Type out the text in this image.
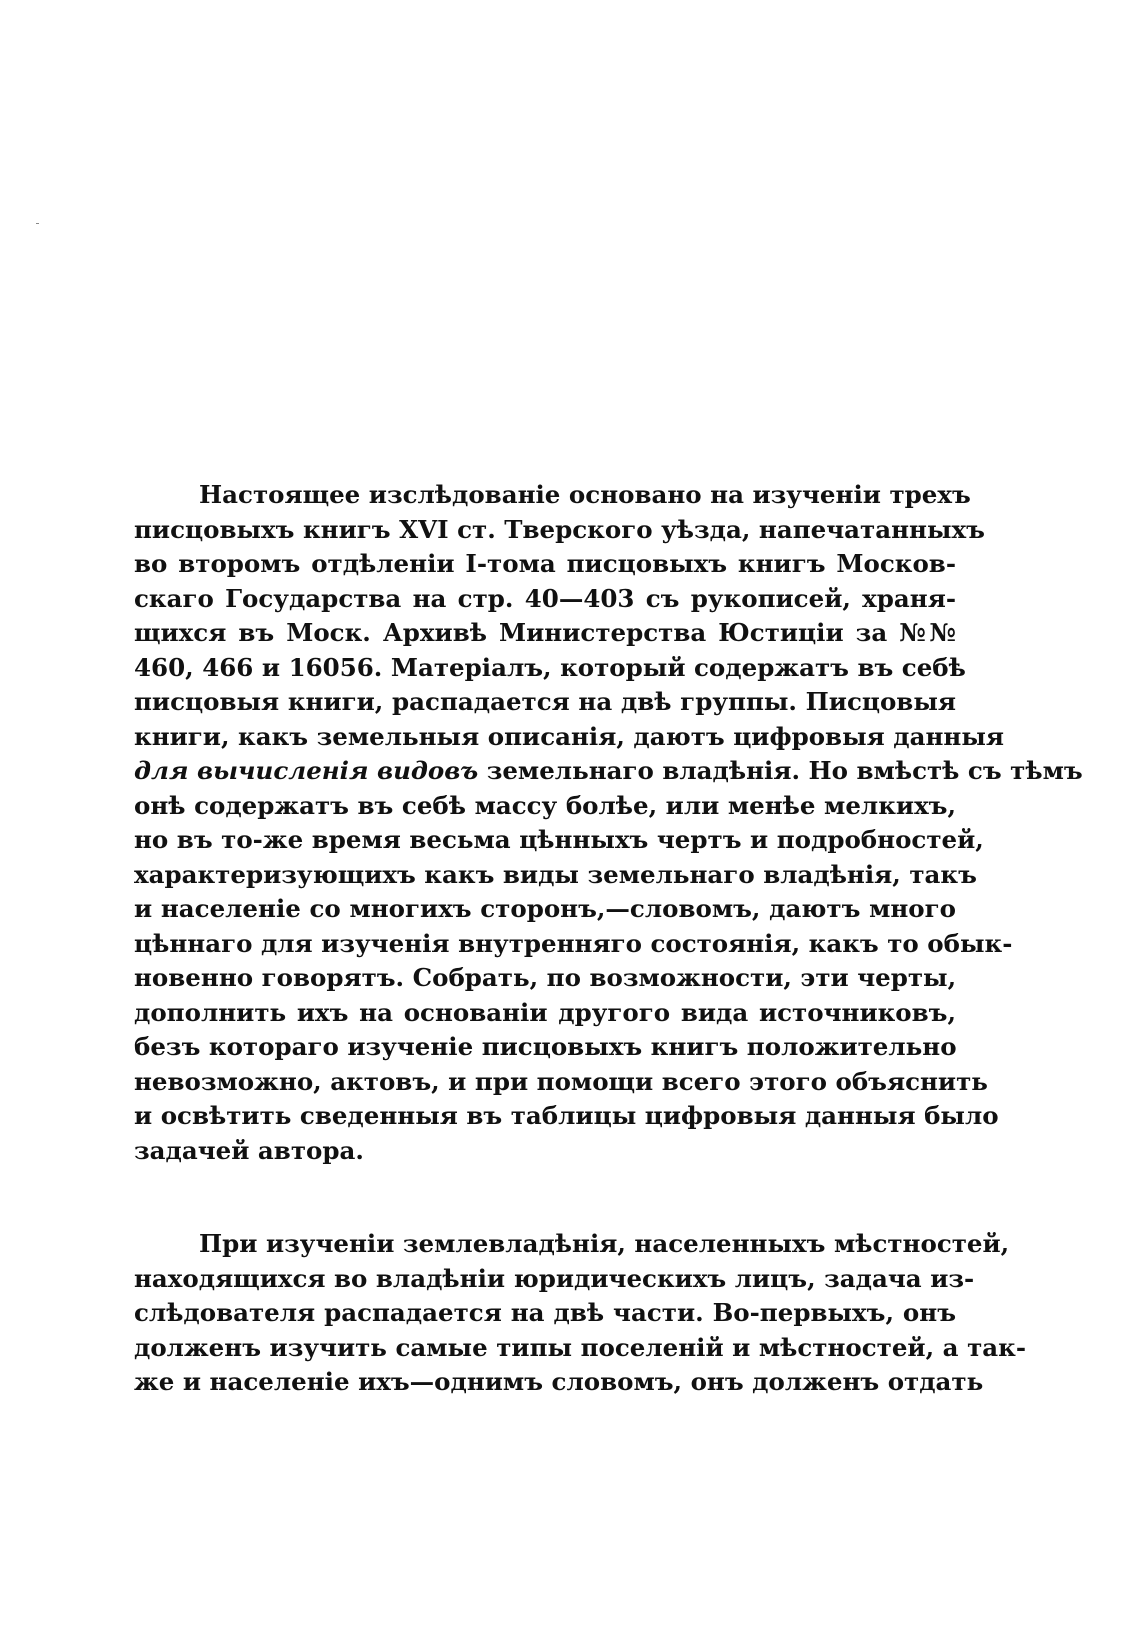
Настоящее изслѣдованіе основано на изученіи трехъ
писцовыхъ книгъ XVI ст. Тверского уѣзда, напечатанныхъ
во второмъ отдѣленіи I-тома писцовыхъ книгъ Москов-
скаго Государства на стр. 40—403 съ рукописей, храня-
щихся въ Моск. Архивѣ Министерства Юстиціи за №№
460, 466 и 16056. Матеріалъ, который содержатъ въ себѣ
писцовыя книги, распадается на двѣ группы. Писцовыя
книги, какъ земельныя описанія, даютъ цифровыя данныя
для вычисленія видовъ земельнаго владѣнія. Но вмѣстѣ съ тѣмъ
онѣ содержатъ въ себѣ массу болѣе, или менѣе мелкихъ,
но въ то-же время весьма цѣнныхъ чертъ и подробностей,
характеризующихъ какъ виды земельнаго владѣнія, такъ
и населеніе со многихъ сторонъ,—словомъ, даютъ много
цѣннаго для изученія внутренняго состоянія, какъ то обык-
новенно говорятъ. Собрать, по возможности, эти черты,
дополнить ихъ на основаніи другого вида источниковъ,
безъ котораго изученіе писцовыхъ книгъ положительно
невозможно, актовъ, и при помощи всего этого объяснить
и освѣтить сведенныя въ таблицы цифровыя данныя было
задачей автора.
При изученіи землевладѣнія, населенныхъ мѣстностей,
находящихся во владѣніи юридическихъ лицъ, задача из-
слѣдователя распадается на двѣ части. Во-первыхъ, онъ
долженъ изучить самые типы поселеній и мѣстностей, а так-
же и населеніе ихъ—однимъ словомъ, онъ долженъ отдать
